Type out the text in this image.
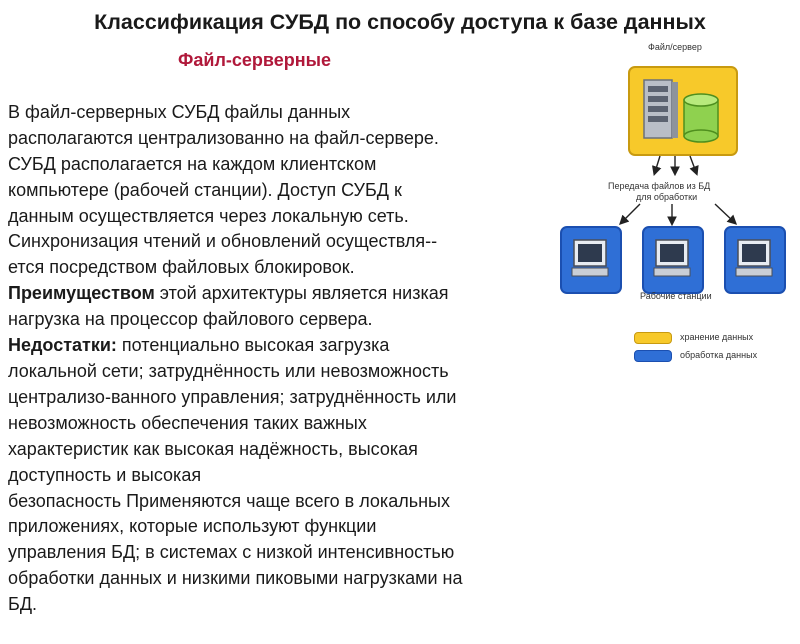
Классификация СУБД по способу доступа к базе данных
Файл-серверные

В файл-серверных СУБД файлы данных
располагаются централизованно на файл-сервере.
СУБД располагается на каждом клиентском
компьютере (рабочей станции). Доступ СУБД к
данным осуществляется через локальную сеть.
Синхронизация чтений и обновлений осуществля--
ется посредством файловых блокировок.
Преимуществом этой архитектуры является низкая
нагрузка на процессор файлового сервера.
Недостатки: потенциально высокая загрузка
локальной сети; затруднённость или невозможность
централизо-ванного управления; затруднённость или
невозможность обеспечения таких важных
характеристик как высокая надёжность, высокая
доступность и высокая
безопасность Применяются чаще всего в локальных
приложениях, которые используют функции
управления БД; в системах с низкой интенсивностью
обработки данных и низкими пиковыми нагрузками на
БД.

Файл/сервер
Передача файлов из БД
для обработки
Рабочие станции
хранение данных
обработка данных
